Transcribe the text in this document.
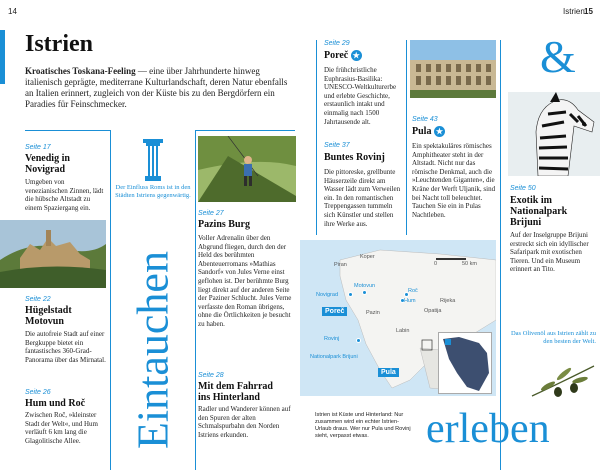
14	Istrien 15
Istrien
Kroatisches Toskana-Feeling — eine über Jahrhunderte hinweg italienisch geprägte, mediterrane Kulturlandschaft, deren Natur ebenfalls an Italien erinnert, zugleich von der Küste bis zu den Bergdörfern ein Paradies für Feinschmecker.
&
Seite 17
Venedig in
Novigrad
Umgeben von venezianischen Zinnen, lädt die hübsche Altstadt zu einem Spaziergang ein.
Seite 22
Hügelstadt
Motovun
Die autofreie Stadt auf einer Bergkuppe bietet ein fantastisches 360-Grad-Panorama über das Mirnatal.
Seite 26
Hum und Roč
Zwischen Roč, »kleinster Stadt der Welt«, und Hum verläuft 6 km lang die Glagolitische Allee.
Der Einfluss Roms ist in den Städten Istriens gegenwärtig.
Eintauchen
Seite 27
Pazins Burg
Voller Adrenalin über den Abgrund fliegen, durch den der Held des berühmten Abenteuerromans »Mathias Sandorf« von Jules Verne einst geflohen ist. Der berühmte Burg liegt direkt auf der anderen Seite der Paziner Schlucht. Jules Verne verfasste den Roman übrigens, ohne die Örtlichkeiten je besucht zu haben.
Seite 28
Mit dem Fahrrad
ins Hinterland
Radler und Wanderer können auf den Spuren der alten Schmalspurbahn den Norden Istriens erkunden.
Seite 29
Poreč ★
Die frühchristliche Euphrasius-Basilika: UNESCO-Weltkulturerbe und erlebte Geschichte, erstaunlich intakt und einmalig nach 1500 Jahrtausende alt.
Seite 37
Buntes Rovinj
Die pittoreske, grellbunte Häuserzeile direkt am Wasser lädt zum Verweilen ein. In den romantischen Treppengassen tummeln sich Künstler und stellen ihre Werke aus.
Seite 43
Pula ★
Ein spektakuläres römisches Amphitheater steht in der Altstadt. Nicht nur das römische Denkmal, auch die »Leuchtenden Giganten«, die Kräne der Werft Uljanik, sind bei Nacht toll beleuchtet. Tauchen Sie ein in Pulas Nachtleben.
Seite 50
Exotik im
Nationalpark Brijuni
Auf der Inselgruppe Brijuni erstreckt sich ein idyllischer Safaripark mit exotischen Tieren. Und ein Museum erinnert an Tito.
Das Olivenöl aus Istrien zählt zu den besten der Welt.
0	50 km
Piran
Koper
Novigrad
Motovun
Roč
Hum	Rijeka
Opatija
Poreč	Pazin
Labin
Rovinj
Nationalpark Brijuni
Pula
Istrien ist Küste und Hinterland: Nur zusammen wird ein echter Istrien-Urlaub draus. Wer nur Pula und Rovinj sieht, verpasst etwas.	erleben
